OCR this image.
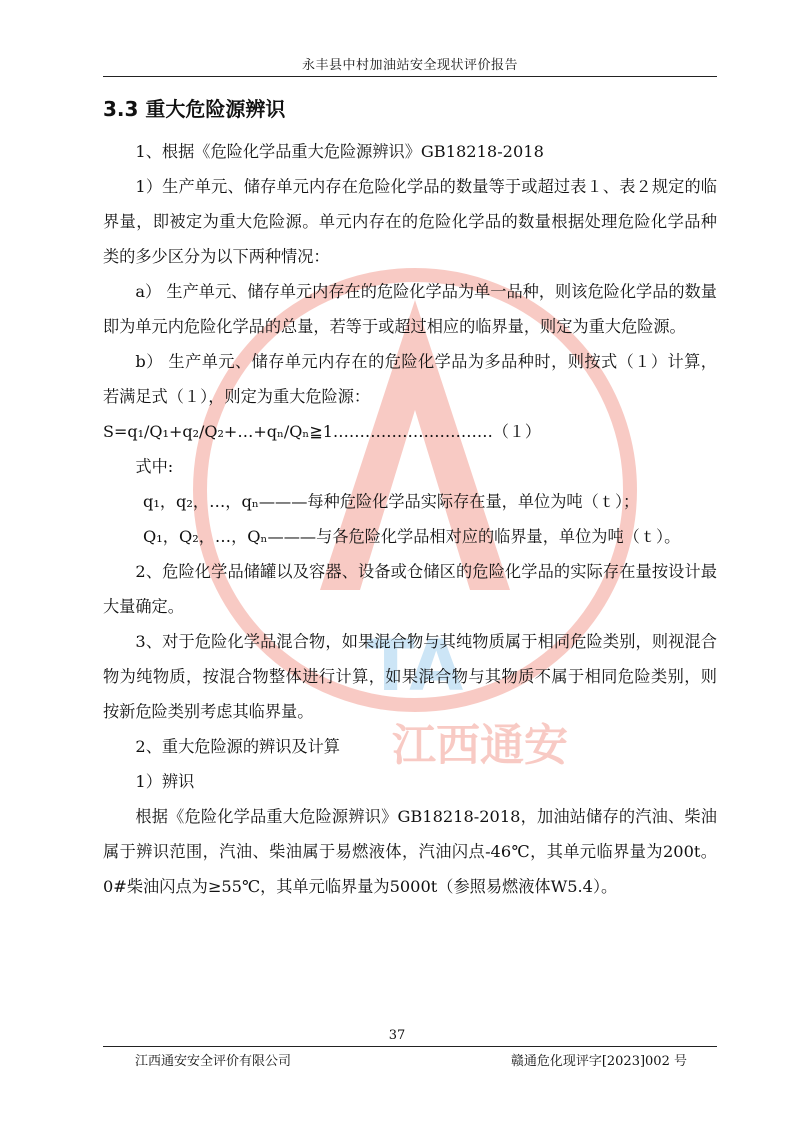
永丰县中村加油站安全现状评价报告
TA
江西通安
3.3 重大危险源辨识

1、根据《危险化学品重大危险源辨识》GB18218-2018

1）生产单元、储存单元内存在危险化学品的数量等于或超过表１、表２规定的临界量，即被定为重大危险源。单元内存在的危险化学品的数量根据处理危险化学品种类的多少区分为以下两种情况：

a） 生产单元、储存单元内存在的危险化学品为单一品种，则该危险化学品的数量即为单元内危险化学品的总量，若等于或超过相应的临界量，则定为重大危险源。

b） 生产单元、储存单元内存在的危险化学品为多品种时，则按式（１）计算，若满足式（１），则定为重大危险源：

S=q₁/Q₁+q₂/Q₂+…+qₙ/Qₙ≧1…………………………（１）

式中:

q₁，q₂，…，qₙ———每种危险化学品实际存在量，单位为吨（ｔ）；

Q₁，Q₂，…，Qₙ———与各危险化学品相对应的临界量，单位为吨（ｔ）。

2、危险化学品储罐以及容器、设备或仓储区的危险化学品的实际存在量按设计最大量确定。

3、对于危险化学品混合物，如果混合物与其纯物质属于相同危险类别，则视混合物为纯物质，按混合物整体进行计算，如果混合物与其物质不属于相同危险类别，则按新危险类别考虑其临界量。

2、重大危险源的辨识及计算

1）辨识

根据《危险化学品重大危险源辨识》GB18218-2018，加油站储存的汽油、柴油属于辨识范围，汽油、柴油属于易燃液体，汽油闪点-46℃，其单元临界量为200t。0#柴油闪点为≥55℃，其单元临界量为5000t（参照易燃液体W5.4）。

37
江西通安安全评价有限公司	赣通危化现评字[2023]002 号
